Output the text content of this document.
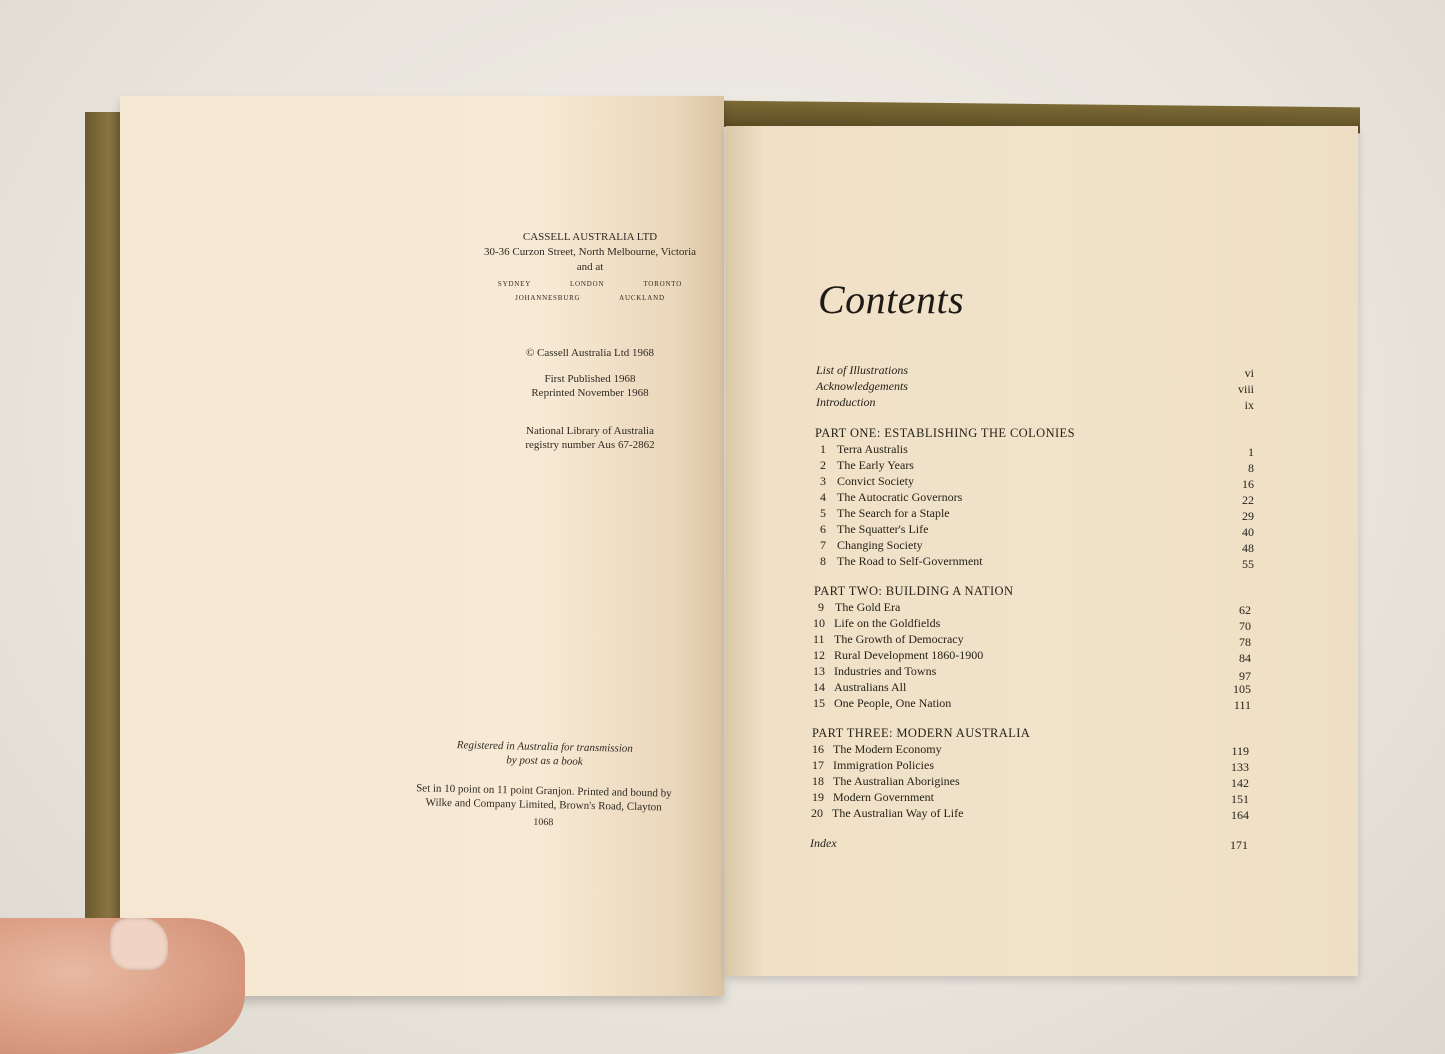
CASSELL AUSTRALIA LTD
30-36 Curzon Street, North Melbourne, Victoria
and at
SYDNEY	LONDON	TORONTO
JOHANNESBURG	AUCKLAND
© Cassell Australia Ltd 1968
First Published 1968
Reprinted November 1968
National Library of Australia
registry number Aus 67-2862
Registered in Australia for transmission
by post as a book
Set in 10 point on 11 point Granjon. Printed and bound by
Wilke and Company Limited, Brown's Road, Clayton
1068
Contents
List of Illustrations	vi
Acknowledgements	viii
Introduction	ix
PART ONE: ESTABLISHING THE COLONIES
1 Terra Australis	1
2 The Early Years	8
3 Convict Society	16
4 The Autocratic Governors	22
5 The Search for a Staple	29
6 The Squatter's Life	40
7 Changing Society	48
8 The Road to Self-Government	55
PART TWO: BUILDING A NATION
9 The Gold Era	62
10 Life on the Goldfields	70
11 The Growth of Democracy	78
12 Rural Development 1860-1900	84
13 Industries and Towns	97
14 Australians All	105
15 One People, One Nation	111
PART THREE: MODERN AUSTRALIA
16 The Modern Economy	119
17 Immigration Policies	133
18 The Australian Aborigines	142
19 Modern Government	151
20 The Australian Way of Life	164
Index	171
